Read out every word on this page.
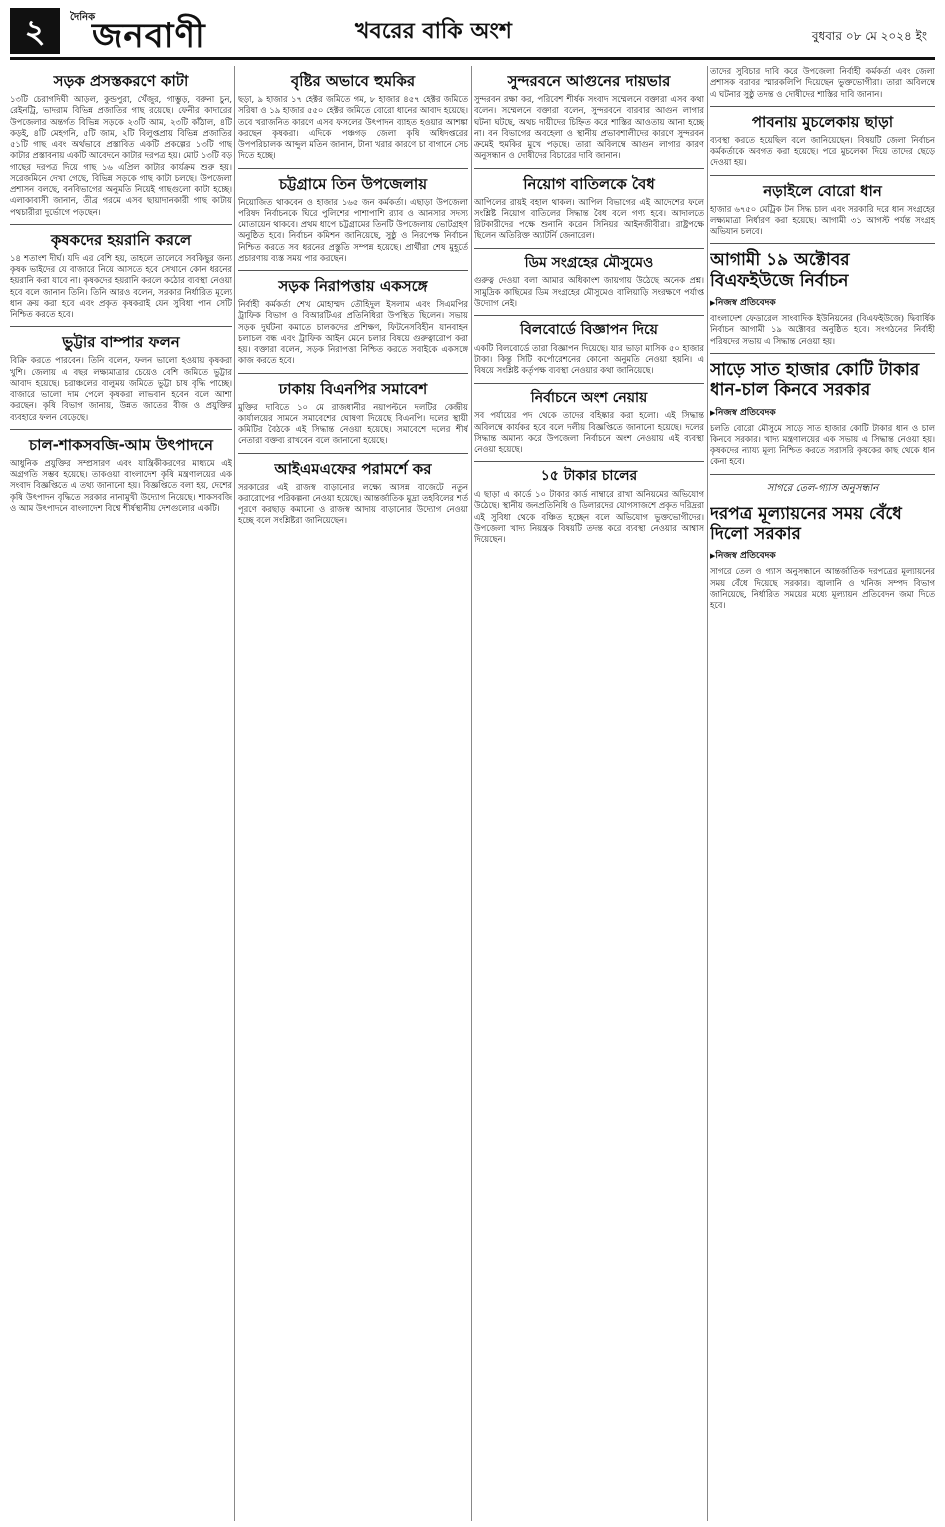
২	দৈনিক
জনবাণী	খবরের বাকি অংশ	বুধবার ০৮ মে ২০২৪ ইং
সড়ক প্রসস্তকরণে কাটা
১৩টি চেরাগদিঘী আড়ল, কুন্ডপুরা, খেঁজুর, গাম্ভুড়, বরুনা চুন, রেইনট্রি, ভাদরাম বিভিন্ন প্রজাতির গাছ রয়েছে। ফেনীর কাদারের উপজেলার অন্তর্গত বিভিন্ন সড়কে ২৩টি আম, ২৩টি কাঁঠাল, ৪টি কড়ই, ৪টি মেহগনি, ৫টি জাম, ২টি বিলুপ্তপ্রায় বিভিন্ন প্রজাতির ৫১টি গাছ এবং অর্থভাবে প্রস্তাবিত একটি প্রকল্পের ১৩টি গাছ কাটার প্রস্তাবনায় একটি আবেদনে কাটার দরপত্র হয়। মোট ১৩টি বড় গাছের দরপত্র দিয়ে গাছ ১৬ এপ্রিল কাটার কার্যক্রম শুরু হয়। সরেজমিনে দেখা গেছে, বিভিন্ন সড়কে গাছ কাটা চলছে। উপজেলা প্রশাসন বলছে, বনবিভাগের অনুমতি নিয়েই গাছগুলো কাটা হচ্ছে। এলাকাবাসী জানান, তীব্র গরমে এসব ছায়াদানকারী গাছ কাটায় পথচারীরা দুর্ভোগে পড়ছেন।
কৃষকদের হয়রানি করলে
১৪ শতাংশ দীর্ঘ। যদি এর বেশি হয়, তাহলে তালেবে সবকিছুর জন্য কৃষক ভাইদের যে বাজারে নিয়ে আসতে হবে সেখানে কোন ধরনের হয়রানি করা যাবে না। কৃষকদের হয়রানি করলে কঠোর ব্যবস্থা নেওয়া হবে বলে জানান তিনি। তিনি আরও বলেন, সরকার নির্ধারিত মূল্যে ধান ক্রয় করা হবে এবং প্রকৃত কৃষকরাই যেন সুবিধা পান সেটি নিশ্চিত করতে হবে।
ভুট্টার বাম্পার ফলন
বিক্রি করতে পারবেন। তিনি বলেন, ফলন ভালো হওয়ায় কৃষকরা খুশি। জেলায় এ বছর লক্ষ্যমাত্রার চেয়েও বেশি জমিতে ভুট্টার আবাদ হয়েছে। চরাঞ্চলের বালুময় জমিতে ভুট্টা চাষ বৃদ্ধি পাচ্ছে। বাজারে ভালো দাম পেলে কৃষকরা লাভবান হবেন বলে আশা করছেন। কৃষি বিভাগ জানায়, উন্নত জাতের বীজ ও প্রযুক্তির ব্যবহারে ফলন বেড়েছে।
চাল-শাকসবজি-আম উৎপাদনে
আধুনিক প্রযুক্তির সম্প্রসারণ এবং যান্ত্রিকীকরণের মাধ্যমে এই অগ্রগতি সম্ভব হয়েছে। তাকওয়া বাংলাদেশ কৃষি মন্ত্রণালয়ের এক সংবাদ বিজ্ঞপ্তিতে এ তথ্য জানানো হয়। বিজ্ঞপ্তিতে বলা হয়, দেশের কৃষি উৎপাদন বৃদ্ধিতে সরকার নানামুখী উদ্যোগ নিয়েছে। শাকসবজি ও আম উৎপাদনে বাংলাদেশ বিশ্বে শীর্ষস্থানীয় দেশগুলোর একটি।
বৃষ্টির অভাবে হুমকির
ছড়া, ৯ হাজার ১৭ হেক্টর জমিতে গম, ৮ হাজার ৪৫৭ হেক্টর জমিতে সরিষা ও ১৯ হাজার ৫৫০ হেক্টর জমিতে বোরো ধানের আবাদ হয়েছে। তবে খরাজনিত কারণে এসব ফসলের উৎপাদন ব্যাহত হওয়ার আশঙ্কা করছেন কৃষকরা। এদিকে পঞ্চগড় জেলা কৃষি অধিদপ্তরের উপপরিচালক আব্দুল মতিন জানান, টানা খরার কারণে চা বাগানে সেচ দিতে হচ্ছে।
চট্টগ্রামে তিন উপজেলায়
নিয়োজিত থাকবেন ও হাজার ১৬৫ জন কর্মকর্তা। এছাড়া উপজেলা পরিষদ নির্বাচনকে ঘিরে পুলিশের পাশাপাশি র‍্যাব ও আনসার সদস্য মোতায়েন থাকবে। প্রথম ধাপে চট্টগ্রামের তিনটি উপজেলায় ভোটগ্রহণ অনুষ্ঠিত হবে। নির্বাচন কমিশন জানিয়েছে, সুষ্ঠু ও নিরপেক্ষ নির্বাচন নিশ্চিত করতে সব ধরনের প্রস্তুতি সম্পন্ন হয়েছে। প্রার্থীরা শেষ মুহূর্তে প্রচারণায় ব্যস্ত সময় পার করছেন।
সড়ক নিরাপত্তায় একসঙ্গে
নির্বাহী কর্মকর্তা শেখ মোহাম্মদ তৌহিদুল ইসলাম এবং সিএমপির ট্রাফিক বিভাগ ও বিআরটিএর প্রতিনিধিরা উপস্থিত ছিলেন। সভায় সড়ক দুর্ঘটনা কমাতে চালকদের প্রশিক্ষণ, ফিটনেসবিহীন যানবাহন চলাচল বন্ধ এবং ট্রাফিক আইন মেনে চলার বিষয়ে গুরুত্বারোপ করা হয়। বক্তারা বলেন, সড়ক নিরাপত্তা নিশ্চিত করতে সবাইকে একসঙ্গে কাজ করতে হবে।
ঢাকায় বিএনপির সমাবেশ
মুক্তির দাবিতে ১০ মে রাজধানীর নয়াপল্টনে দলটির কেন্দ্রীয় কার্যালয়ের সামনে সমাবেশের ঘোষণা দিয়েছে বিএনপি। দলের স্থায়ী কমিটির বৈঠকে এই সিদ্ধান্ত নেওয়া হয়েছে। সমাবেশে দলের শীর্ষ নেতারা বক্তব্য রাখবেন বলে জানানো হয়েছে।
আইএমএফের পরামর্শে কর
সরকারের এই রাজস্ব বাড়ানোর লক্ষ্যে আসন্ন বাজেটে নতুন করারোপের পরিকল্পনা নেওয়া হয়েছে। আন্তর্জাতিক মুদ্রা তহবিলের শর্ত পূরণে করছাড় কমানো ও রাজস্ব আদায় বাড়ানোর উদ্যোগ নেওয়া হচ্ছে বলে সংশ্লিষ্টরা জানিয়েছেন।
সুন্দরবনে আগুনের দায়ভার
সুন্দরবন রক্ষা কর, পরিবেশ শীর্ষক সংবাদ সম্মেলনে বক্তারা এসব কথা বলেন। সম্মেলনে বক্তারা বলেন, সুন্দরবনে বারবার আগুন লাগার ঘটনা ঘটছে, অথচ দায়ীদের চিহ্নিত করে শাস্তির আওতায় আনা হচ্ছে না। বন বিভাগের অবহেলা ও স্থানীয় প্রভাবশালীদের কারণে সুন্দরবন ক্রমেই হুমকির মুখে পড়ছে। তারা অবিলম্বে আগুন লাগার কারণ অনুসন্ধান ও দোষীদের বিচারের দাবি জানান।
নিয়োগ বাতিলকে বৈধ
আপিলের রায়ই বহাল থাকল। আপিল বিভাগের এই আদেশের ফলে সংশ্লিষ্ট নিয়োগ বাতিলের সিদ্ধান্ত বৈধ বলে গণ্য হবে। আদালতে রিটকারীদের পক্ষে শুনানি করেন সিনিয়র আইনজীবীরা। রাষ্ট্রপক্ষে ছিলেন অতিরিক্ত অ্যাটর্নি জেনারেল।
ডিম সংগ্রহের মৌসুমেও
গুরুত্ব দেওয়া বলা আমার অধিকাংশ জায়গায় উঠেছে অনেক প্রশ্ন। সামুদ্রিক কাছিমের ডিম সংগ্রহের মৌসুমেও বালিয়াড়ি সংরক্ষণে পর্যাপ্ত উদ্যোগ নেই।
বিলবোর্ডে বিজ্ঞাপন দিয়ে
একটি বিলবোর্ডে তারা বিজ্ঞাপন দিয়েছে। যার ভাড়া মাসিক ৫০ হাজার টাকা। কিন্তু সিটি কর্পোরেশনের কোনো অনুমতি নেওয়া হয়নি। এ বিষয়ে সংশ্লিষ্ট কর্তৃপক্ষ ব্যবস্থা নেওয়ার কথা জানিয়েছে।
নির্বাচনে অংশ নেয়ায়
সব পর্যায়ের পদ থেকে তাদের বহিষ্কার করা হলো। এই সিদ্ধান্ত অবিলম্বে কার্যকর হবে বলে দলীয় বিজ্ঞপ্তিতে জানানো হয়েছে। দলের সিদ্ধান্ত অমান্য করে উপজেলা নির্বাচনে অংশ নেওয়ায় এই ব্যবস্থা নেওয়া হয়েছে।
১৫ টাকার চালের
এ ছাড়া এ কার্ডে ১০ টাকার কার্ড নাম্বারে রাখা অনিয়মের অভিযোগ উঠেছে। স্থানীয় জনপ্রতিনিধি ও ডিলারদের যোগসাজশে প্রকৃত দরিদ্ররা এই সুবিধা থেকে বঞ্চিত হচ্ছেন বলে অভিযোগ ভুক্তভোগীদের। উপজেলা খাদ্য নিয়ন্ত্রক বিষয়টি তদন্ত করে ব্যবস্থা নেওয়ার আশ্বাস দিয়েছেন।
তাদের সুবিচার দাবি করে উপজেলা নির্বাহী কর্মকর্তা এবং জেলা প্রশাসক বরাবর স্মারকলিপি দিয়েছেন ভুক্তভোগীরা। তারা অবিলম্বে এ ঘটনার সুষ্ঠু তদন্ত ও দোষীদের শাস্তির দাবি জানান।
পাবনায় মুচলেকায় ছাড়া
ব্যবস্থা করতে হয়েছিল বলে জানিয়েছেন। বিষয়টি জেলা নির্বাচন কর্মকর্তাকে অবগত করা হয়েছে। পরে মুচলেকা দিয়ে তাদের ছেড়ে দেওয়া হয়।
নড়াইলে বোরো ধান
হাজার ৬৭৫০ মেট্রিক টন সিদ্ধ চাল এবং সরকারি দরে ধান সংগ্রহের লক্ষ্যমাত্রা নির্ধারণ করা হয়েছে। আগামী ৩১ আগস্ট পর্যন্ত সংগ্রহ অভিযান চলবে।
আগামী ১৯ অক্টোবর বিএফইউজে নির্বাচন
▶ নিজস্ব প্রতিবেদক
বাংলাদেশ ফেডারেল সাংবাদিক ইউনিয়নের (বিএফইউজে) দ্বিবার্ষিক নির্বাচন আগামী ১৯ অক্টোবর অনুষ্ঠিত হবে। সংগঠনের নির্বাহী পরিষদের সভায় এ সিদ্ধান্ত নেওয়া হয়।
সাড়ে সাত হাজার কোটি টাকার ধান-চাল কিনবে সরকার
▶ নিজস্ব প্রতিবেদক
চলতি বোরো মৌসুমে সাড়ে সাত হাজার কোটি টাকার ধান ও চাল কিনবে সরকার। খাদ্য মন্ত্রণালয়ের এক সভায় এ সিদ্ধান্ত নেওয়া হয়। কৃষকদের ন্যায্য মূল্য নিশ্চিত করতে সরাসরি কৃষকের কাছ থেকে ধান কেনা হবে।
সাগরে তেল-গ্যাস অনুসন্ধান
দরপত্র মূল্যায়নের সময় বেঁধে দিলো সরকার
▶ নিজস্ব প্রতিবেদক
সাগরে তেল ও গ্যাস অনুসন্ধানে আন্তর্জাতিক দরপত্রের মূল্যায়নের সময় বেঁধে দিয়েছে সরকার। জ্বালানি ও খনিজ সম্পদ বিভাগ জানিয়েছে, নির্ধারিত সময়ের মধ্যে মূল্যায়ন প্রতিবেদন জমা দিতে হবে।
